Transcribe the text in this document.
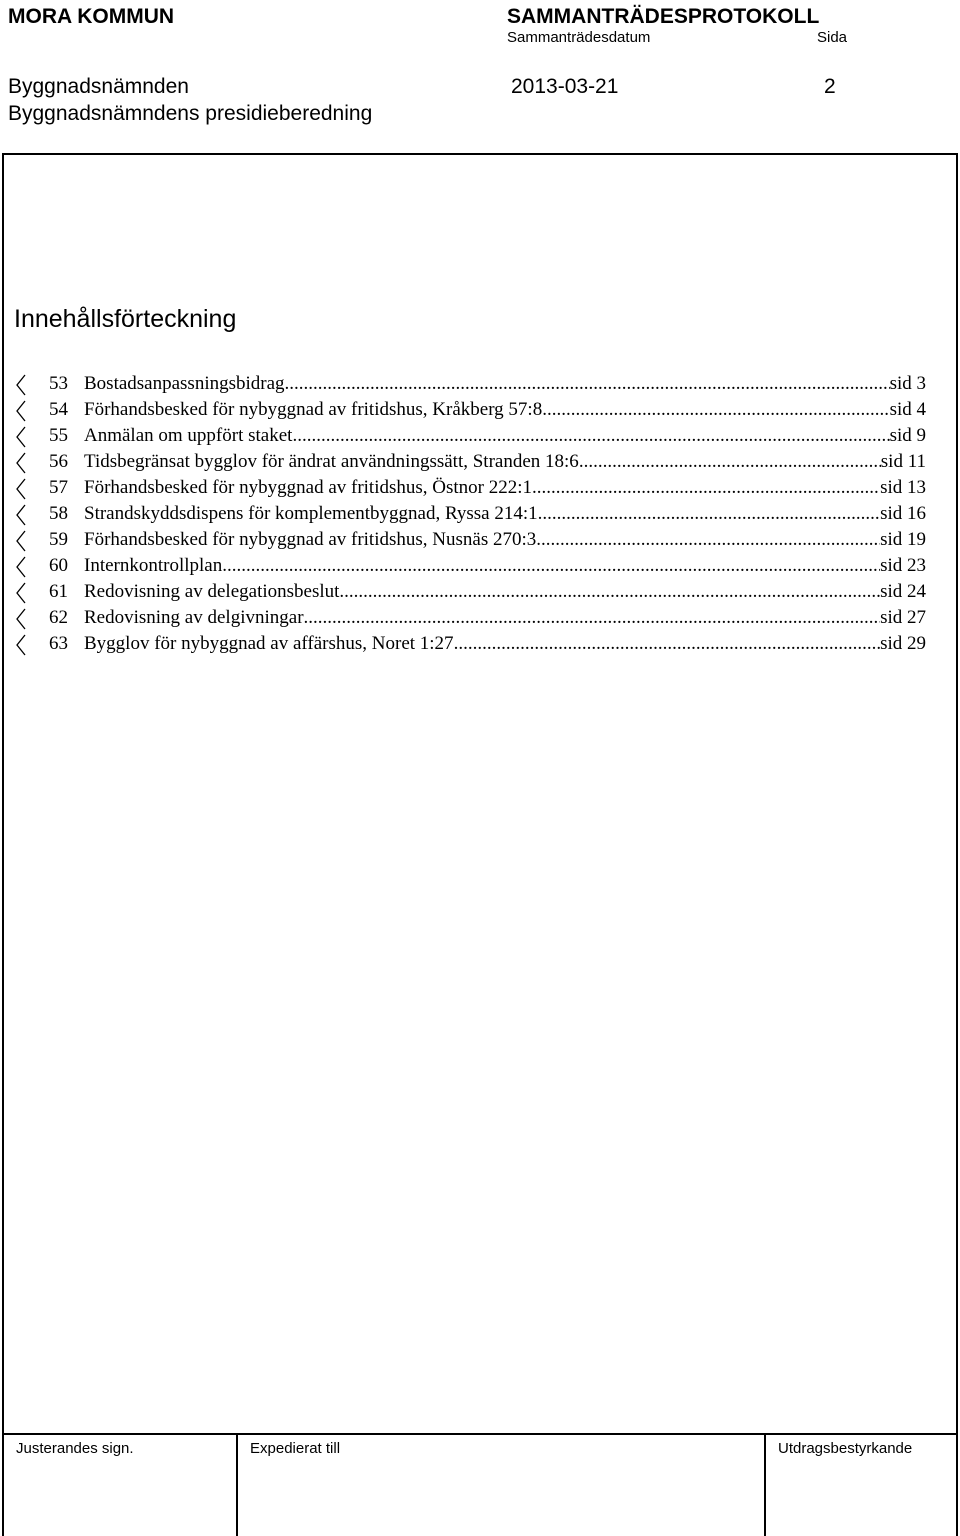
MORA KOMMUN	SAMMANTRÄDESPROTOKOLL
Sammanträdesdatum	Sida
Byggnadsnämnden
Byggnadsnämndens presidieberedning
2013-03-21	2
Innehållsförteckning
53 Bostadsanpassningsbidrag .....	sid 3
54 Förhandsbesked för nybyggnad av fritidshus, Kråkberg 57:8 .....	sid 4
55 Anmälan om uppfört staket .....	sid 9
56 Tidsbegränsat bygglov för ändrat användningssätt, Stranden 18:6 .....	sid 11
57 Förhandsbesked för nybyggnad av fritidshus, Östnor 222:1 .....	sid 13
58 Strandskyddsdispens för komplementbyggnad, Ryssa 214:1 .....	sid 16
59 Förhandsbesked för nybyggnad av fritidshus, Nusnäs 270:3 .....	sid 19
60 Internkontrollplan .....	sid 23
61 Redovisning av delegationsbeslut .....	sid 24
62 Redovisning av delgivningar .....	sid 27
63 Bygglov för nybyggnad av affärshus, Noret 1:27 .....	sid 29
Justerandes sign.	Expedierat till	Utdragsbestyrkande
